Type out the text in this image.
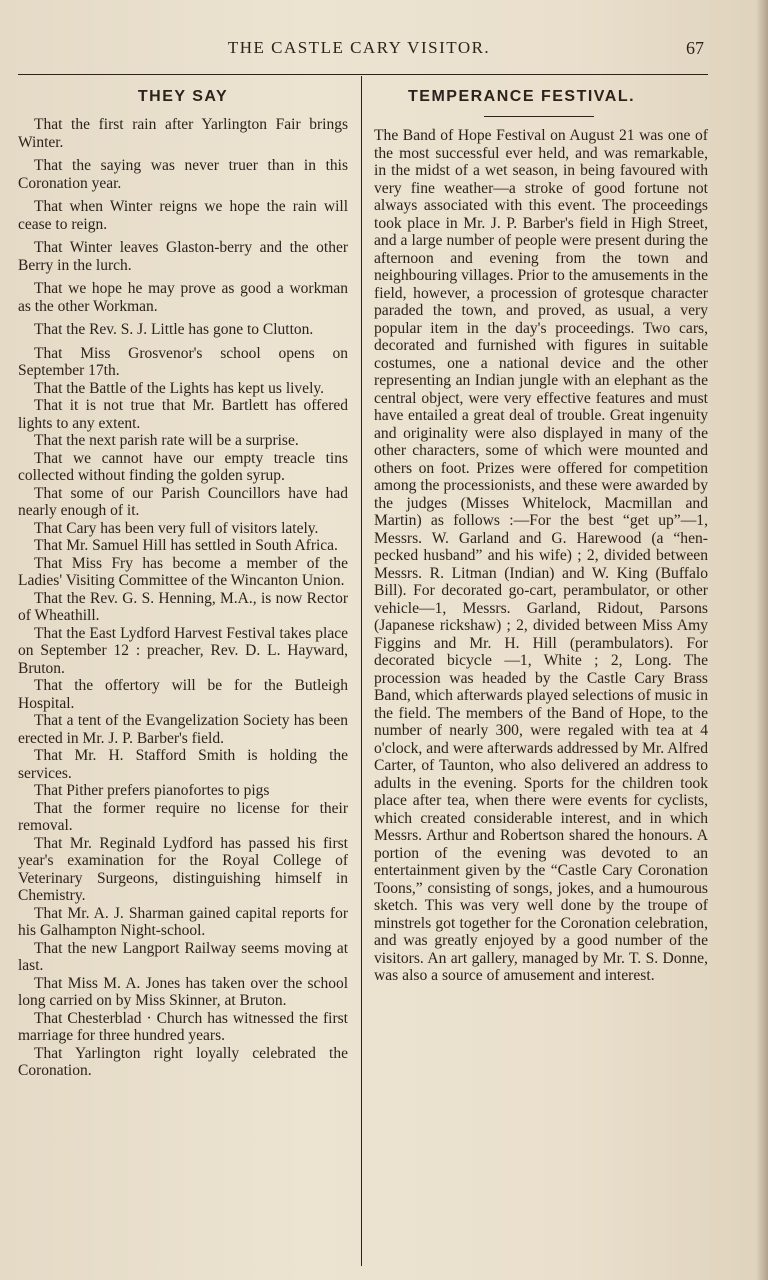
THE CASTLE CARY VISITOR.	67
THEY SAY
That the first rain after Yarlington Fair brings Winter.
That the saying was never truer than in this Coronation year.
That when Winter reigns we hope the rain will cease to reign.
That Winter leaves Glaston-berry and the other Berry in the lurch.
That we hope he may prove as good a workman as the other Workman.
That the Rev. S. J. Little has gone to Clutton.
That Miss Grosvenor's school opens on September 17th.
That the Battle of the Lights has kept us lively.
That it is not true that Mr. Bartlett has offered lights to any extent.
That the next parish rate will be a surprise.
That we cannot have our empty treacle tins collected without finding the golden syrup.
That some of our Parish Councillors have had nearly enough of it.
That Cary has been very full of visitors lately.
That Mr. Samuel Hill has settled in South Africa.
That Miss Fry has become a member of the Ladies' Visiting Committee of the Wincanton Union.
That the Rev. G. S. Henning, M.A., is now Rector of Wheathill.
That the East Lydford Harvest Festival takes place on September 12 : preacher, Rev. D. L. Hayward, Bruton.
That the offertory will be for the Butleigh Hospital.
That a tent of the Evangelization Society has been erected in Mr. J. P. Barber's field.
That Mr. H. Stafford Smith is holding the services.
That Pither prefers pianofortes to pigs
That the former require no license for their removal.
That Mr. Reginald Lydford has passed his first year's examination for the Royal College of Veterinary Surgeons, distinguishing himself in Chemistry.
That Mr. A. J. Sharman gained capital reports for his Galhampton Night-school.
That the new Langport Railway seems moving at last.
That Miss M. A. Jones has taken over the school long carried on by Miss Skinner, at Bruton.
That Chesterblad · Church has witnessed the first marriage for three hundred years.
That Yarlington right loyally celebrated the Coronation.
TEMPERANCE FESTIVAL.

The Band of Hope Festival on August 21 was one of the most successful ever held, and was remarkable, in the midst of a wet season, in being favoured with very fine weather—a stroke of good fortune not always associated with this event. The proceedings took place in Mr. J. P. Barber's field in High Street, and a large number of people were present during the afternoon and evening from the town and neighbouring villages. Prior to the amusements in the field, however, a procession of grotesque character paraded the town, and proved, as usual, a very popular item in the day's proceedings. Two cars, decorated and furnished with figures in suitable costumes, one a national device and the other representing an Indian jungle with an elephant as the central object, were very effective features and must have entailed a great deal of trouble. Great ingenuity and originality were also displayed in many of the other characters, some of which were mounted and others on foot. Prizes were offered for competition among the processionists, and these were awarded by the judges (Misses Whitelock, Macmillan and Martin) as follows :—For the best “get up”—1, Messrs. W. Garland and G. Harewood (a “hen-pecked husband” and his wife) ; 2, divided between Messrs. R. Litman (Indian) and W. King (Buffalo Bill). For decorated go-cart, perambulator, or other vehicle—1, Messrs. Garland, Ridout, Parsons (Japanese rickshaw) ; 2, divided between Miss Amy Figgins and Mr. H. Hill (perambulators). For decorated bicycle —1, White ; 2, Long. The procession was headed by the Castle Cary Brass Band, which afterwards played selections of music in the field. The members of the Band of Hope, to the number of nearly 300, were regaled with tea at 4 o'clock, and were afterwards addressed by Mr. Alfred Carter, of Taunton, who also delivered an address to adults in the evening. Sports for the children took place after tea, when there were events for cyclists, which created considerable interest, and in which Messrs. Arthur and Robertson shared the honours. A portion of the evening was devoted to an entertainment given by the “Castle Cary Coronation Toons,” consisting of songs, jokes, and a humourous sketch. This was very well done by the troupe of minstrels got together for the Coronation celebration, and was greatly enjoyed by a good number of the visitors. An art gallery, managed by Mr. T. S. Donne, was also a source of amusement and interest.
